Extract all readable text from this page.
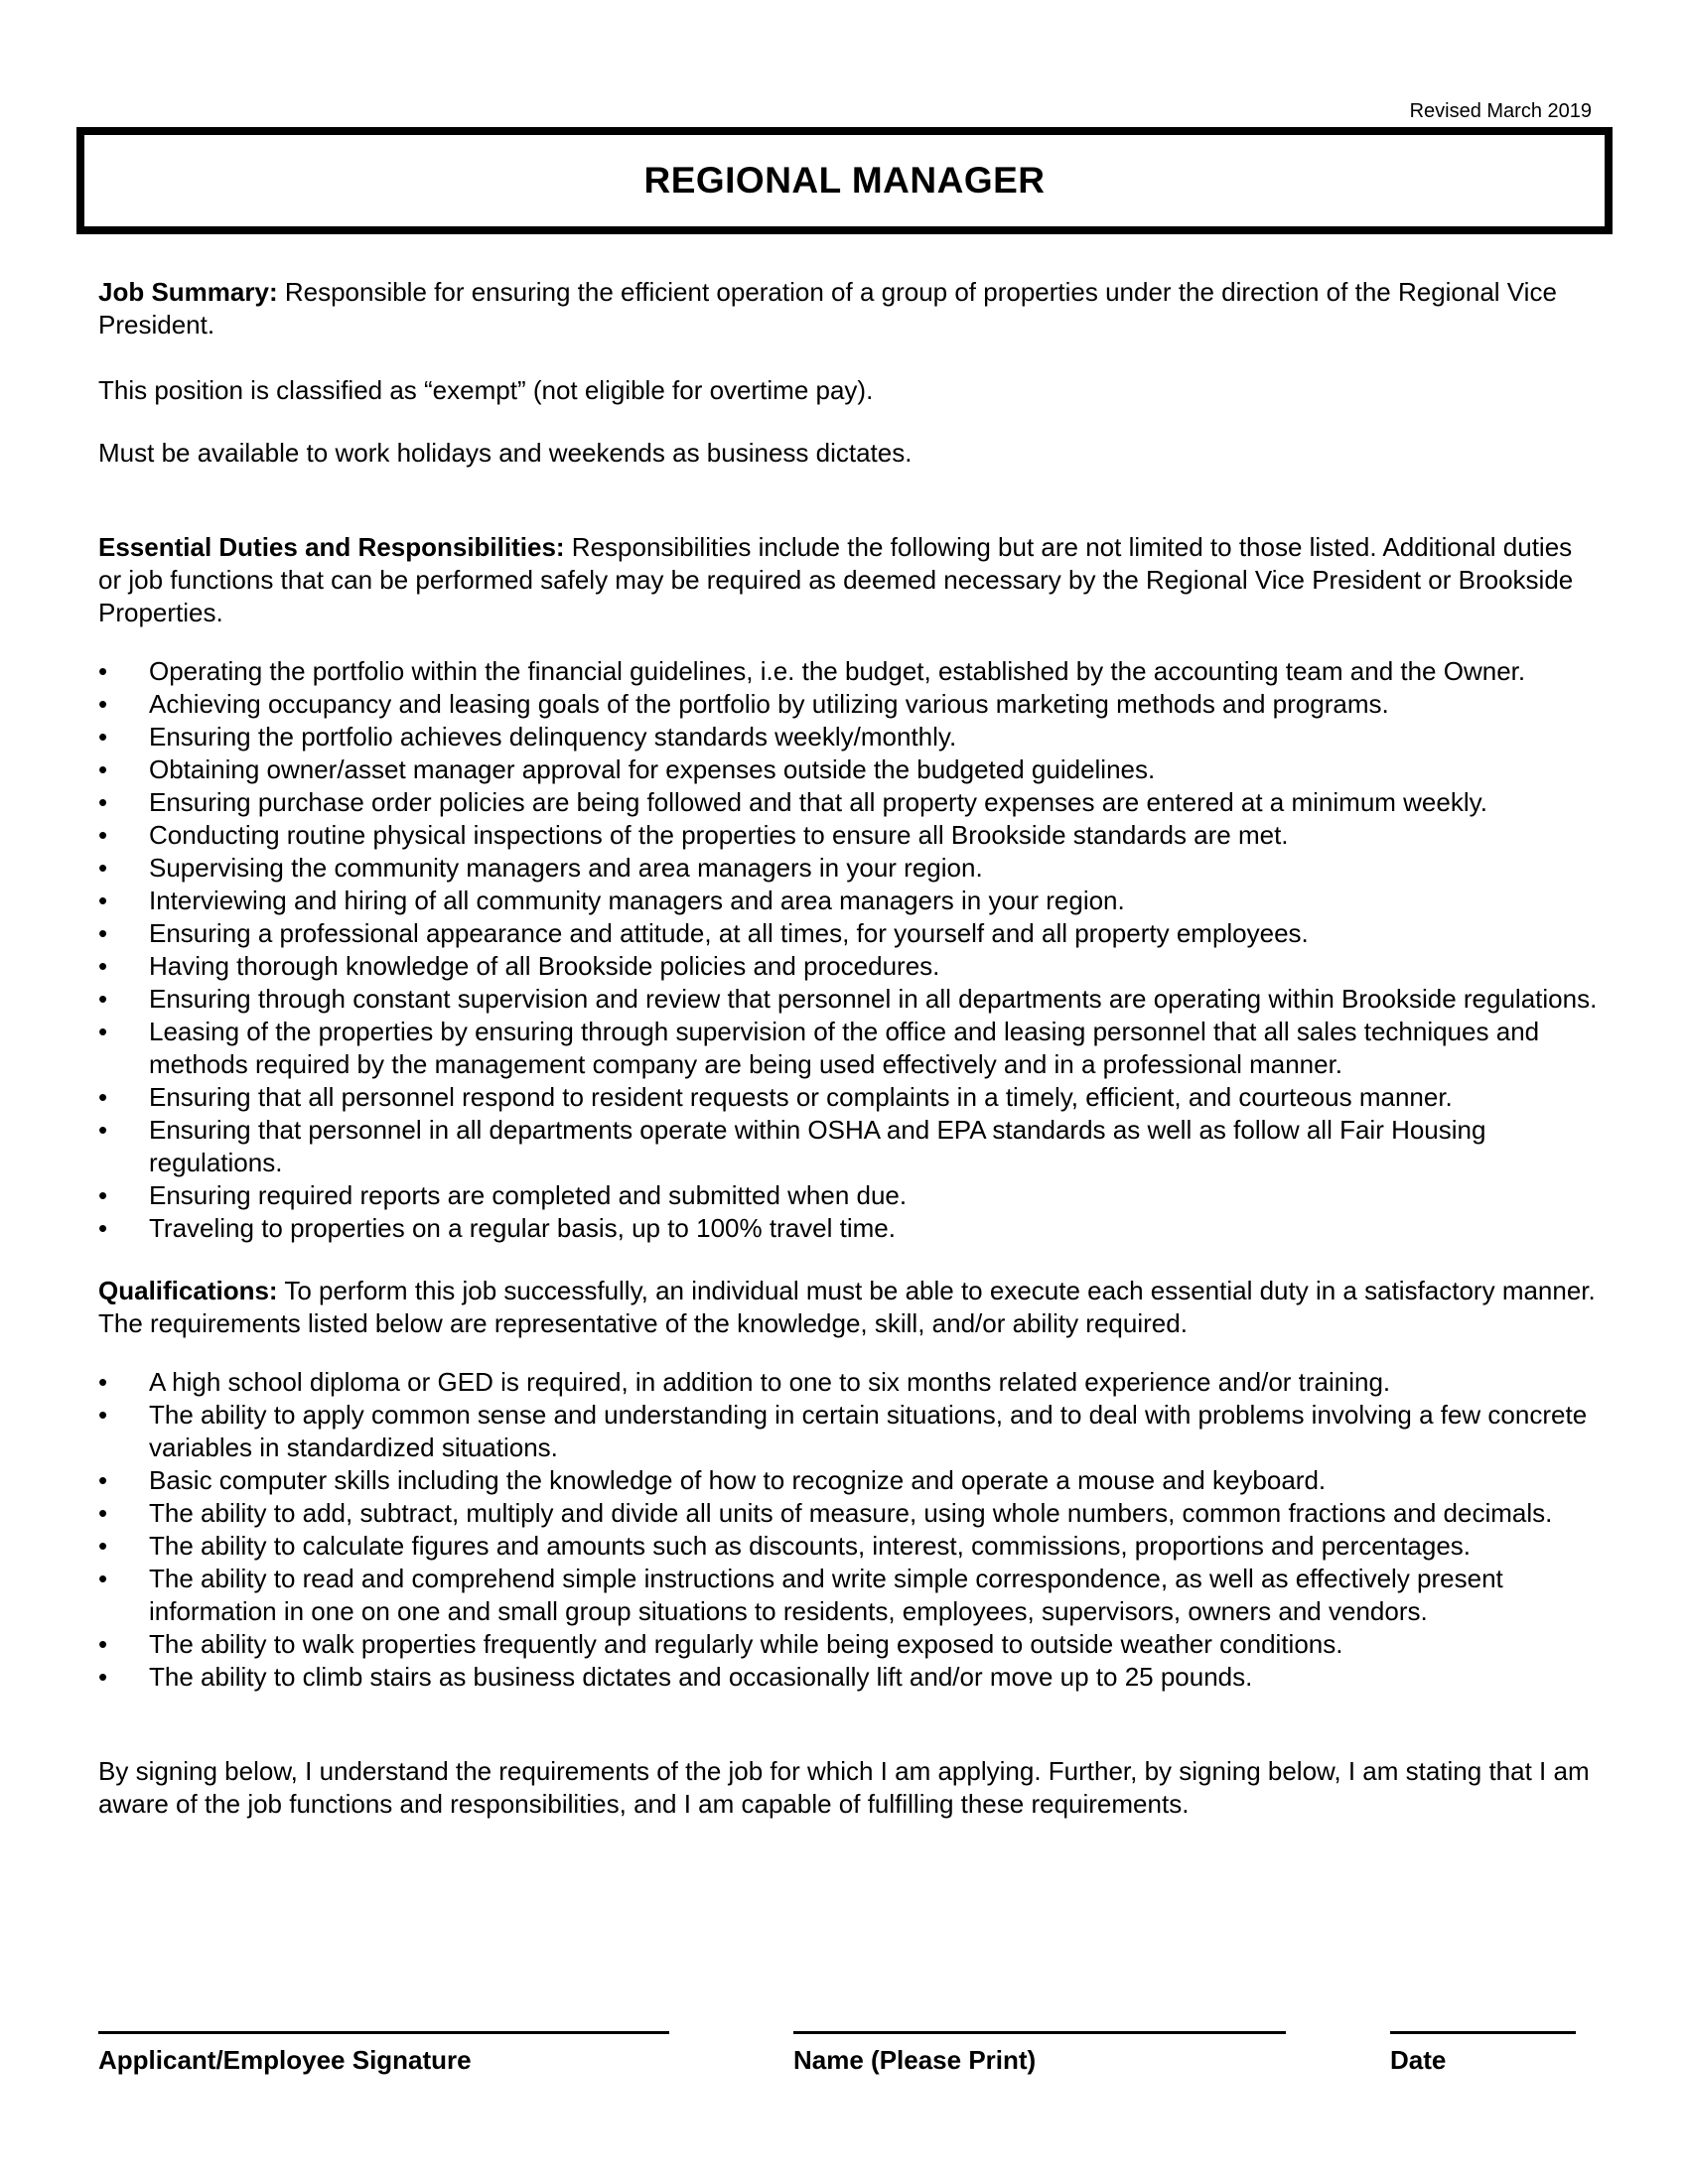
Revised March 2019
REGIONAL MANAGER

Job Summary: Responsible for ensuring the efficient operation of a group of properties under the direction of the Regional Vice President.

This position is classified as “exempt” (not eligible for overtime pay).

Must be available to work holidays and weekends as business dictates.

Essential Duties and Responsibilities: Responsibilities include the following but are not limited to those listed. Additional duties or job functions that can be performed safely may be required as deemed necessary by the Regional Vice President or Brookside Properties.

• Operating the portfolio within the financial guidelines, i.e. the budget, established by the accounting team and the Owner.
• Achieving occupancy and leasing goals of the portfolio by utilizing various marketing methods and programs.
• Ensuring the portfolio achieves delinquency standards weekly/monthly.
• Obtaining owner/asset manager approval for expenses outside the budgeted guidelines.
• Ensuring purchase order policies are being followed and that all property expenses are entered at a minimum weekly.
• Conducting routine physical inspections of the properties to ensure all Brookside standards are met.
• Supervising the community managers and area managers in your region.
• Interviewing and hiring of all community managers and area managers in your region.
• Ensuring a professional appearance and attitude, at all times, for yourself and all property employees.
• Having thorough knowledge of all Brookside policies and procedures.
• Ensuring through constant supervision and review that personnel in all departments are operating within Brookside regulations.
• Leasing of the properties by ensuring through supervision of the office and leasing personnel that all sales techniques and methods required by the management company are being used effectively and in a professional manner.
• Ensuring that all personnel respond to resident requests or complaints in a timely, efficient, and courteous manner.
• Ensuring that personnel in all departments operate within OSHA and EPA standards as well as follow all Fair Housing regulations.
• Ensuring required reports are completed and submitted when due.
• Traveling to properties on a regular basis, up to 100% travel time.

Qualifications: To perform this job successfully, an individual must be able to execute each essential duty in a satisfactory manner. The requirements listed below are representative of the knowledge, skill, and/or ability required.

• A high school diploma or GED is required, in addition to one to six months related experience and/or training.
• The ability to apply common sense and understanding in certain situations, and to deal with problems involving a few concrete variables in standardized situations.
• Basic computer skills including the knowledge of how to recognize and operate a mouse and keyboard.
• The ability to add, subtract, multiply and divide all units of measure, using whole numbers, common fractions and decimals.
• The ability to calculate figures and amounts such as discounts, interest, commissions, proportions and percentages.
• The ability to read and comprehend simple instructions and write simple correspondence, as well as effectively present information in one on one and small group situations to residents, employees, supervisors, owners and vendors.
• The ability to walk properties frequently and regularly while being exposed to outside weather conditions.
• The ability to climb stairs as business dictates and occasionally lift and/or move up to 25 pounds.

By signing below, I understand the requirements of the job for which I am applying. Further, by signing below, I am stating that I am aware of the job functions and responsibilities, and I am capable of fulfilling these requirements.

Applicant/Employee Signature	Name (Please Print)	Date
